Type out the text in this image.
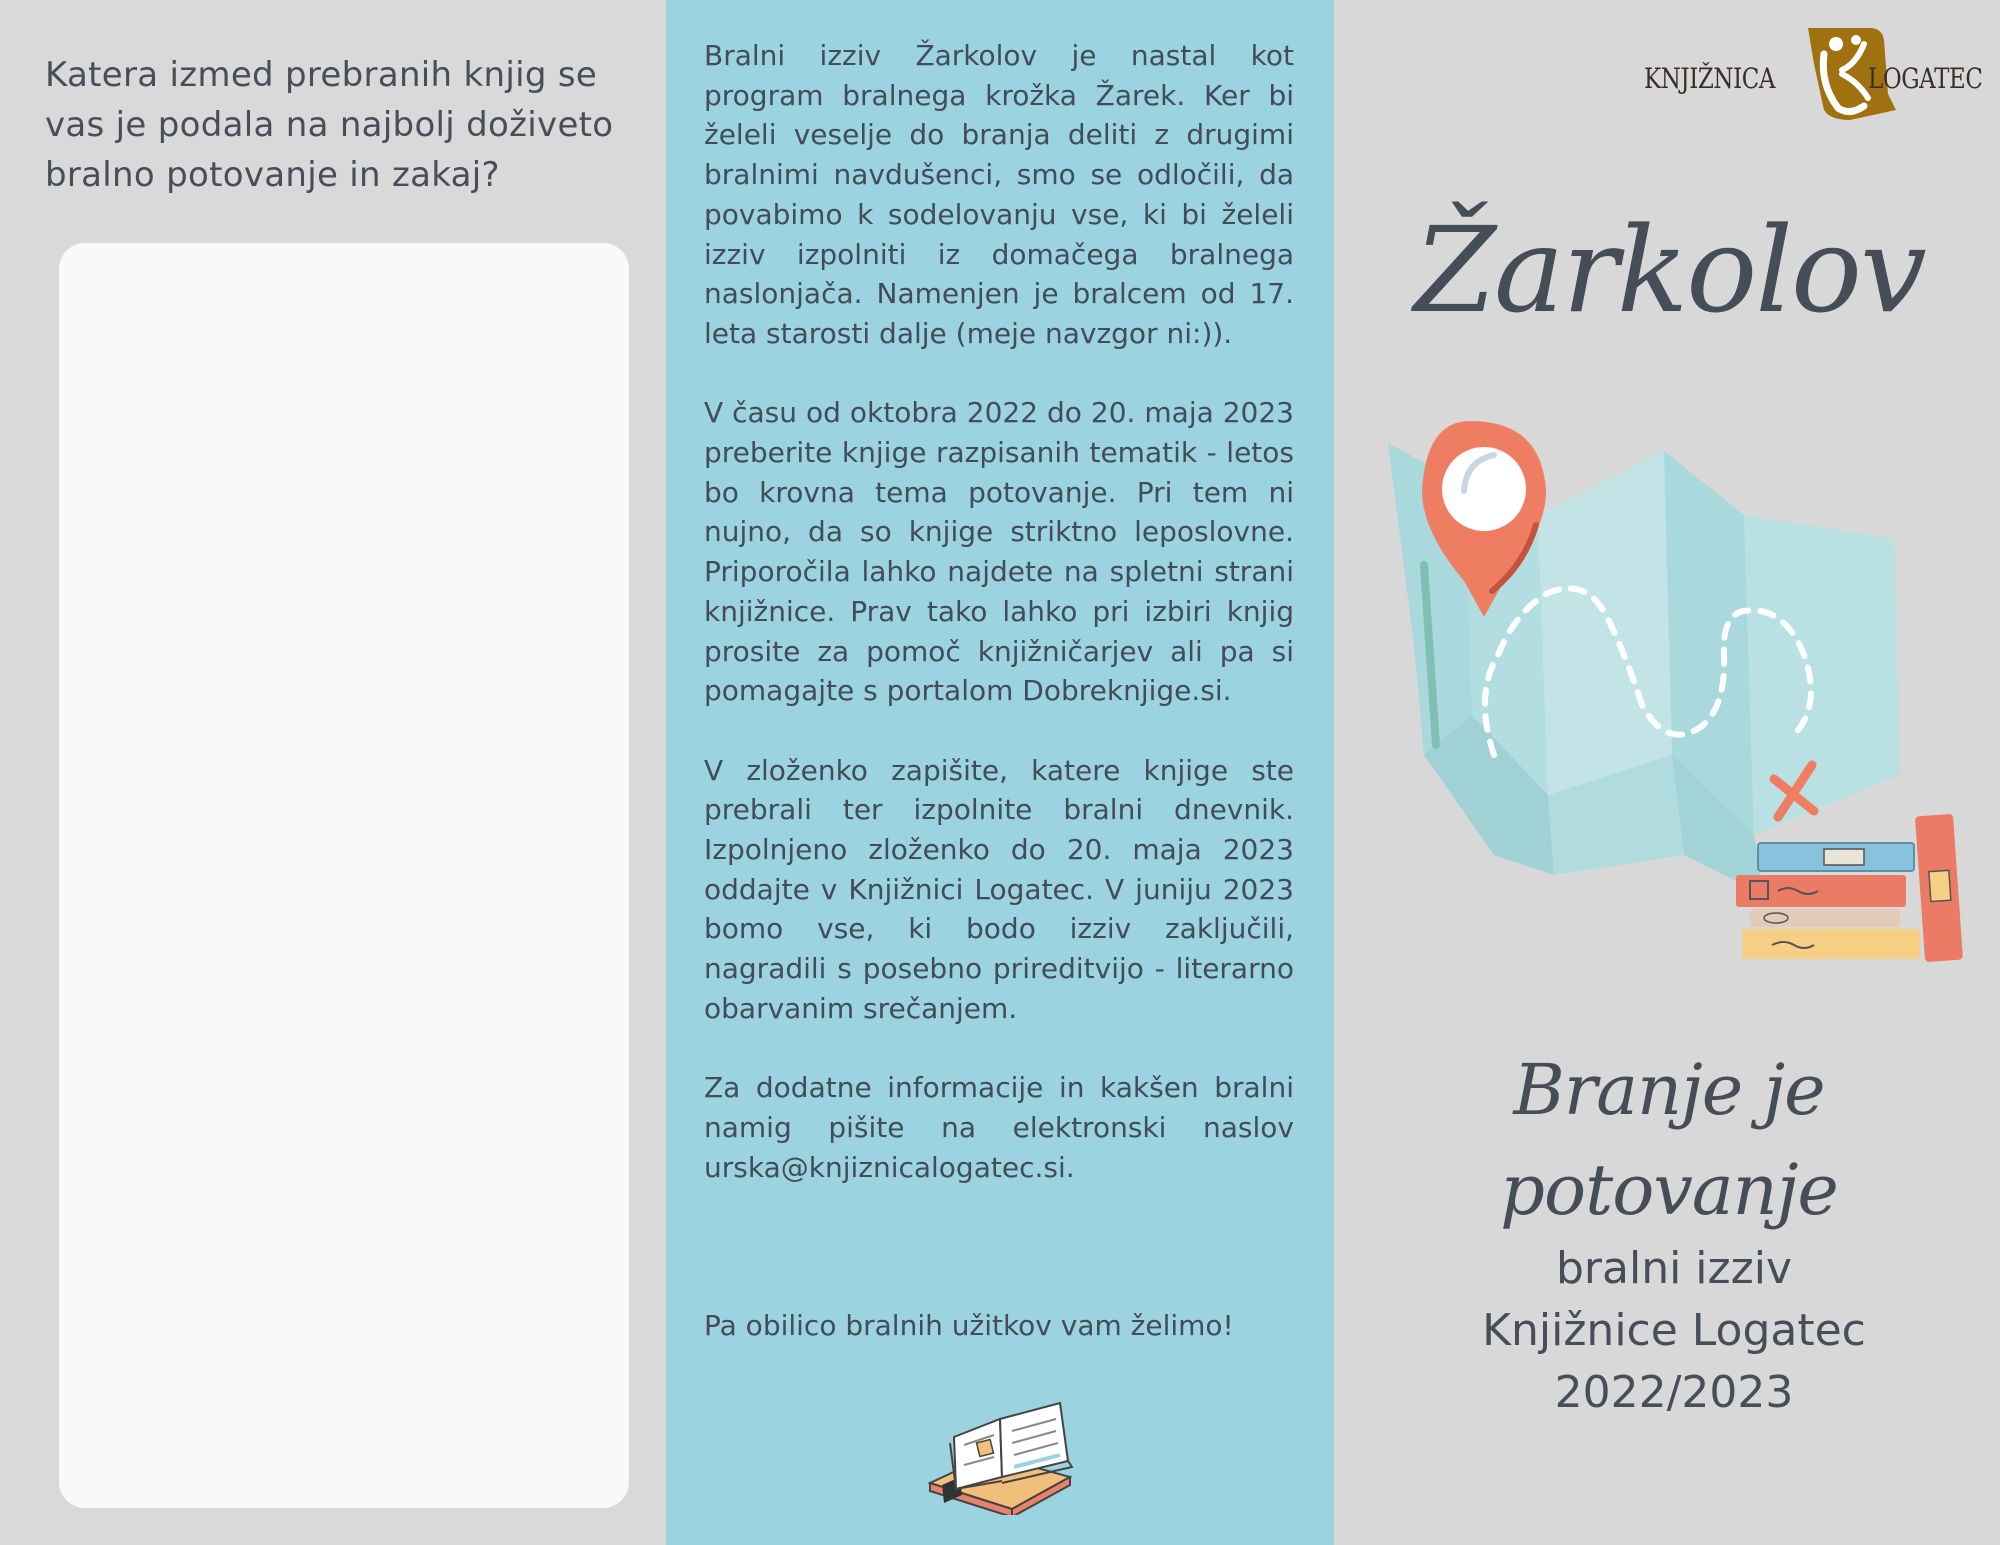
Katera izmed prebranih knjig se vas je podala na najbolj doživeto bralno potovanje in zakaj?

Bralni izziv Žarkolov je nastal kot program bralnega krožka Žarek. Ker bi želeli veselje do branja deliti z drugimi bralnimi navdušenci, smo se odločili, da povabimo k sodelovanju vse, ki bi želeli izziv izpolniti iz domačega bralnega naslonjača. Namenjen je bralcem od 17. leta starosti dalje (meje navzgor ni:)).

V času od oktobra 2022 do 20. maja 2023 preberite knjige razpisanih tematik - letos bo krovna tema potovanje. Pri tem ni nujno, da so knjige striktno leposlovne. Priporočila lahko najdete na spletni strani knjižnice. Prav tako lahko pri izbiri knjig prosite za pomoč knjižničarjev ali pa si pomagajte s portalom Dobreknjige.si.

V zloženko zapišite, katere knjige ste prebrali ter izpolnite bralni dnevnik. Izpolnjeno zloženko do 20. maja 2023 oddajte v Knjižnici Logatec. V juniju 2023 bomo vse, ki bodo izziv zaključili, nagradili s posebno prireditvijo - literarno obarvanim srečanjem.

Za dodatne informacije in kakšen bralni namig pišite na elektronski naslov urska@knjiznicalogatec.si.

Pa obilico bralnih užitkov vam želimo!

KNJIŽNICA	LOGATEC
Žarkolov
Branje je potovanje
bralni izziv
Knjižnice Logatec
2022/2023
